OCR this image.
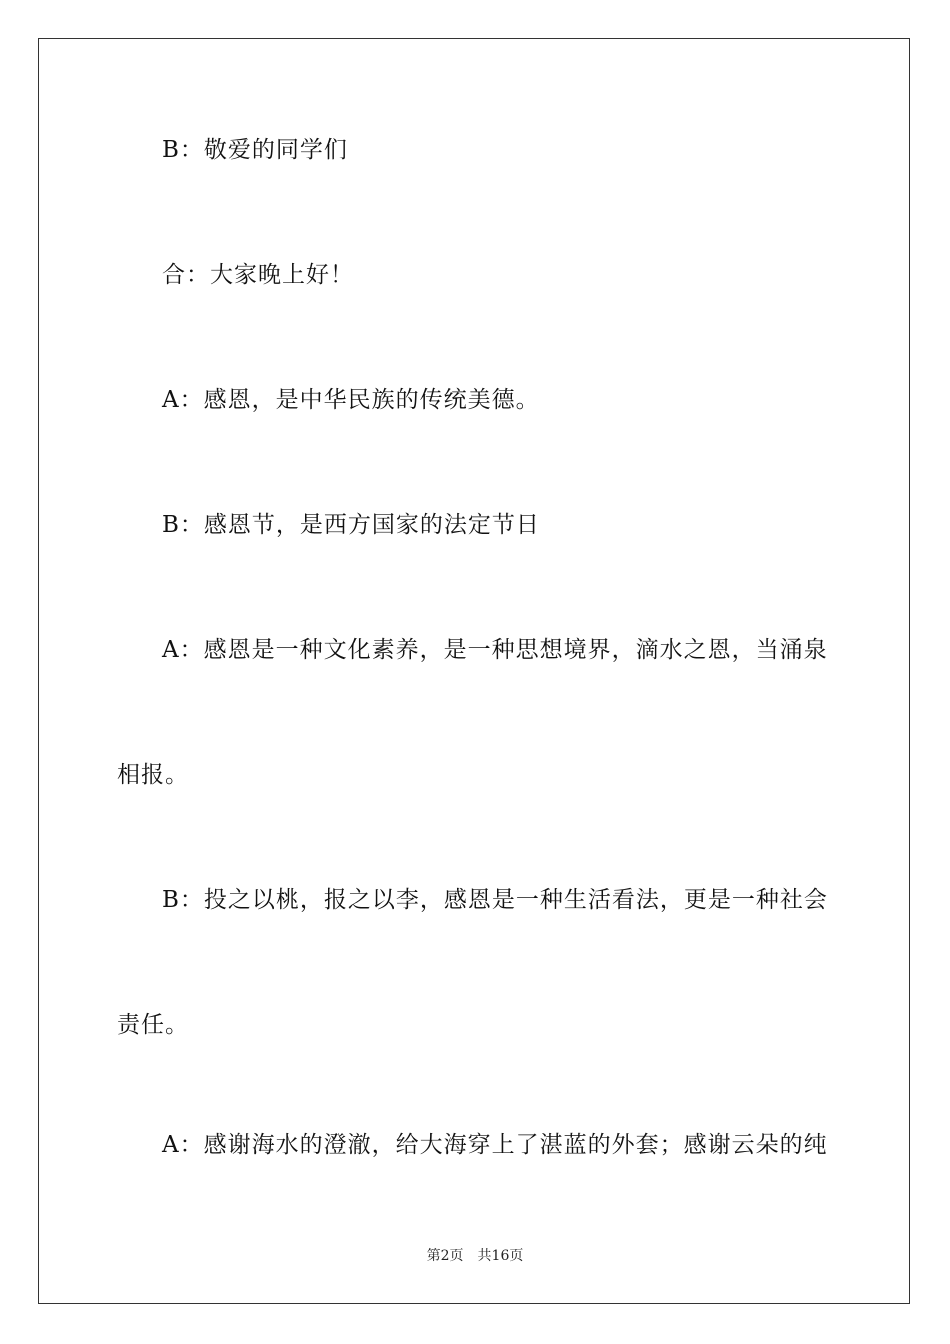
B：敬爱的同学们

合：大家晚上好！

A：感恩，是中华民族的传统美德。

B：感恩节，是西方国家的法定节日

A：感恩是一种文化素养，是一种思想境界，滴水之恩，当涌泉

相报。

B：投之以桃，报之以李，感恩是一种生活看法，更是一种社会

责任。

A：感谢海水的澄澈，给大海穿上了湛蓝的外套；感谢云朵的纯

第2页 共16页
